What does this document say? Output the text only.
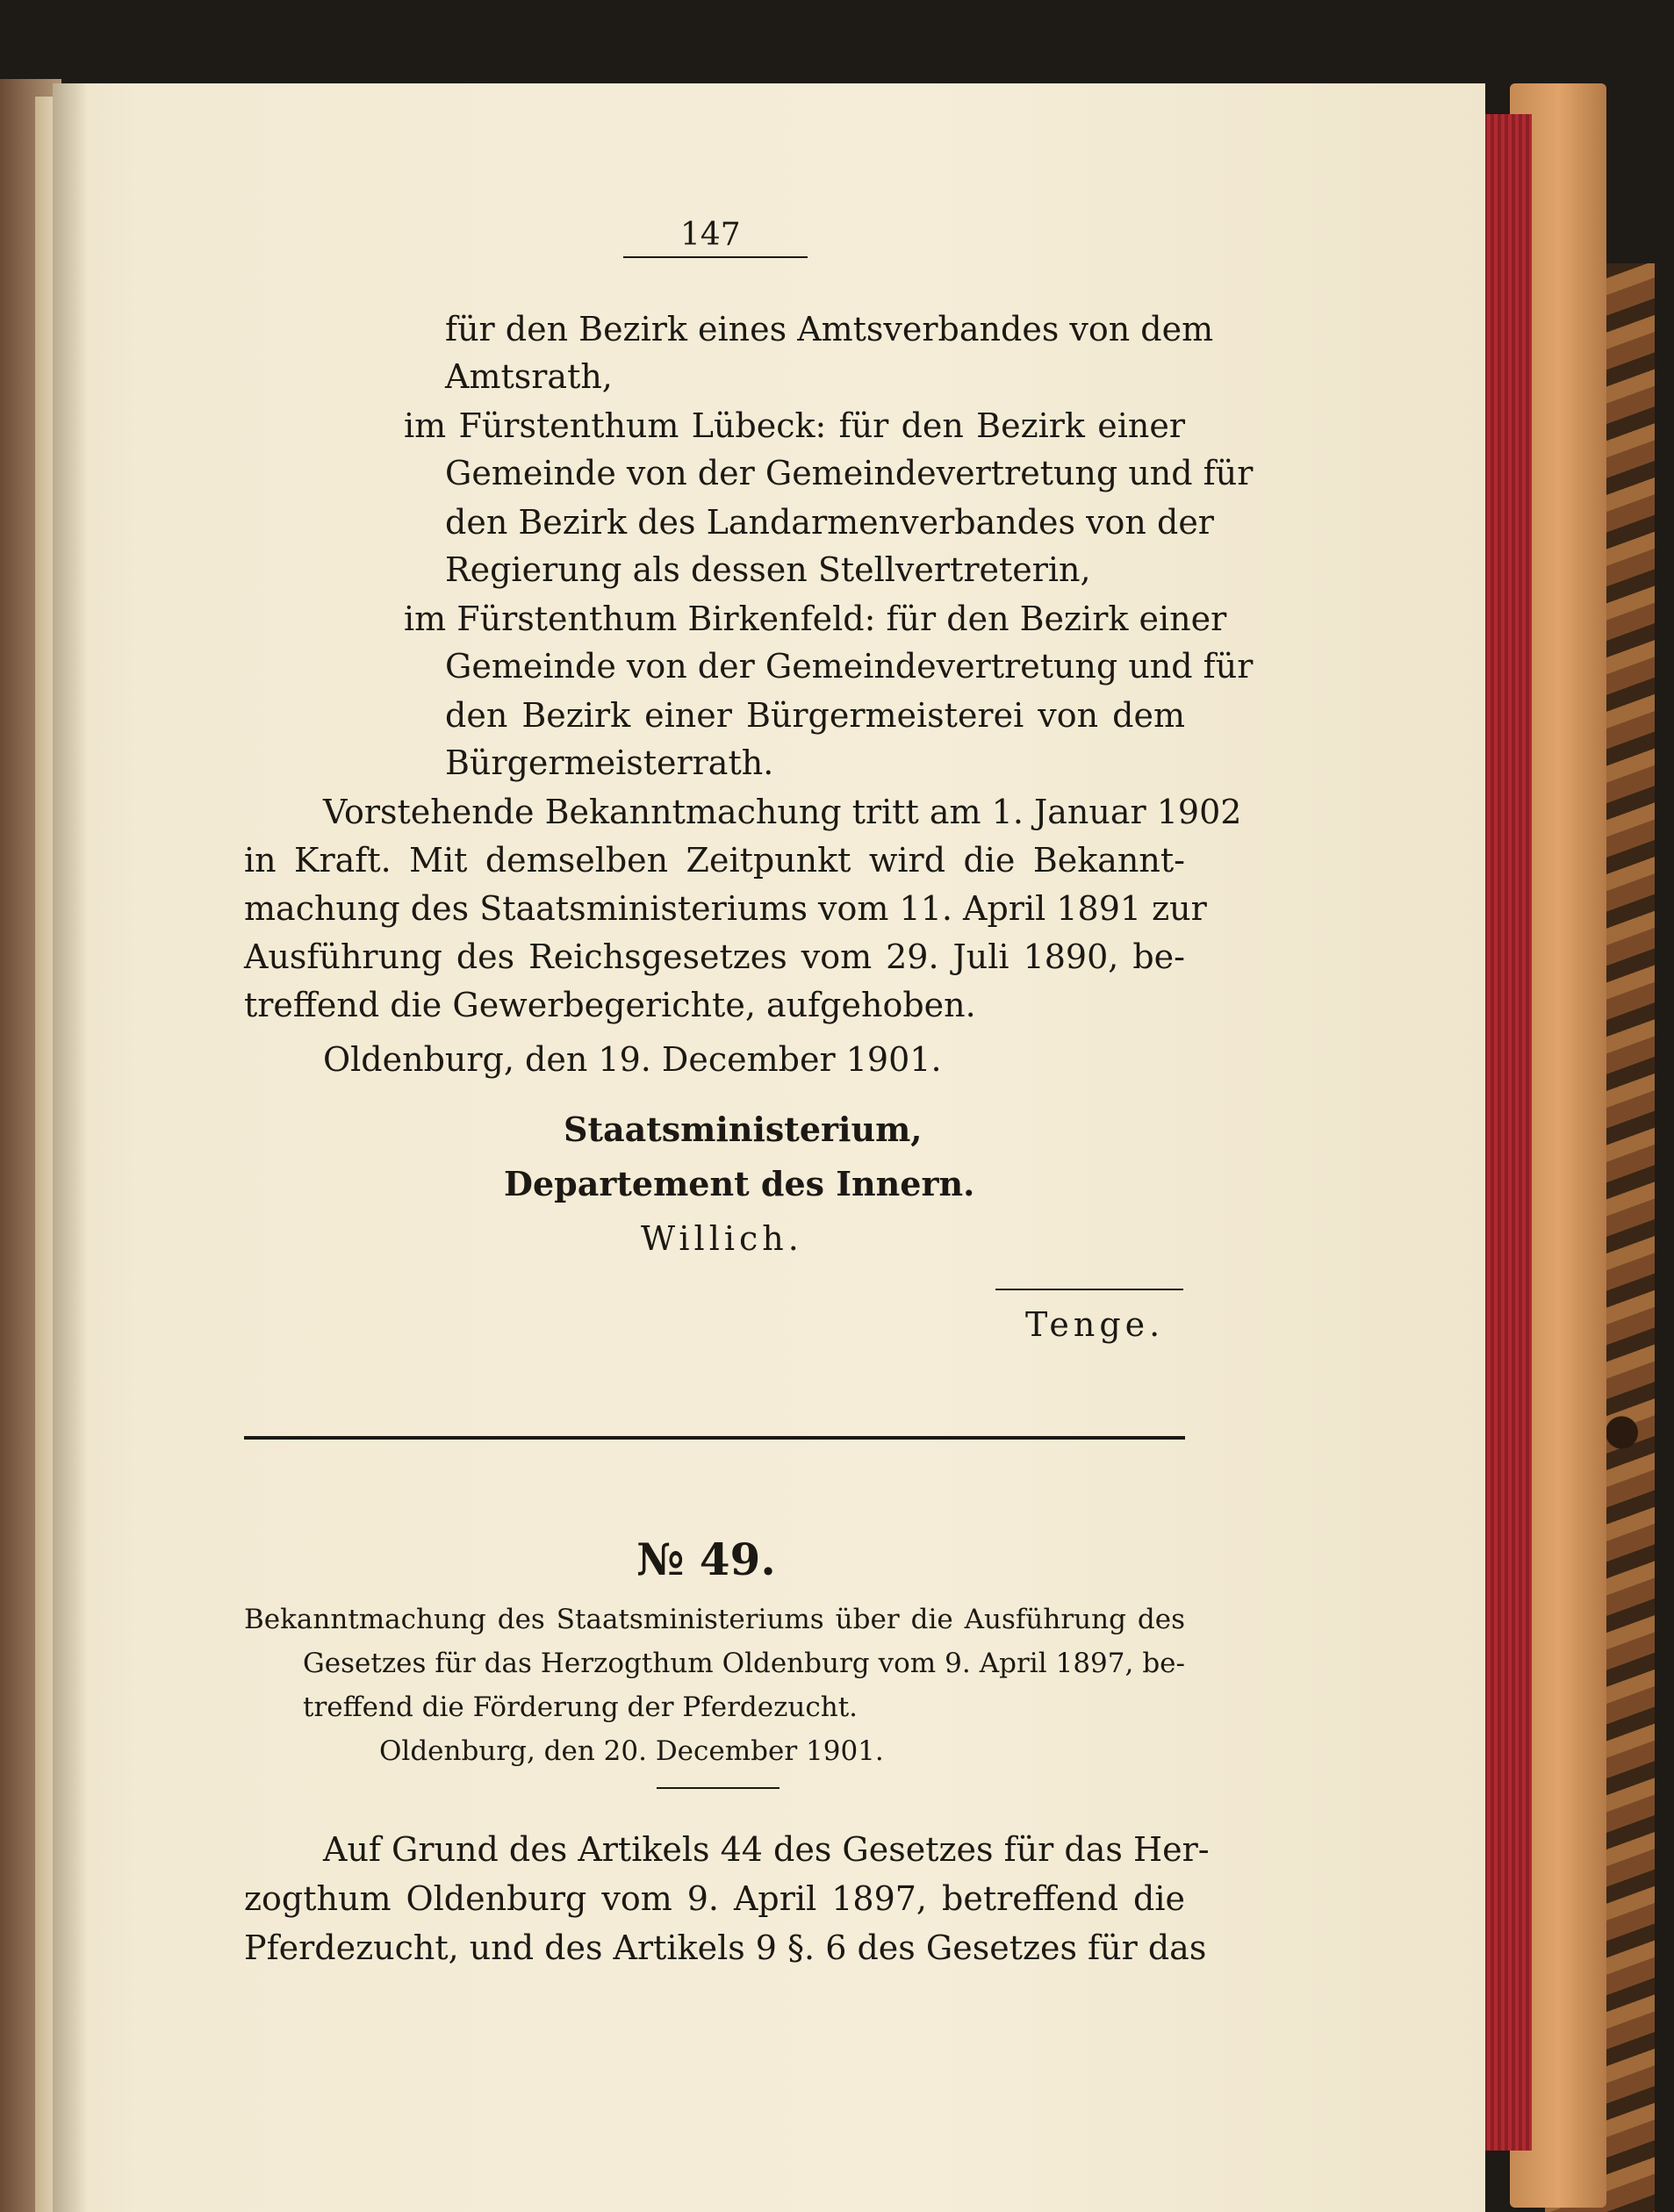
147
für den Bezirk eines Amtsverbandes von dem
Amtsrath,
im Fürstenthum Lübeck: für den Bezirk einer
Gemeinde von der Gemeindevertretung und für
den Bezirk des Landarmenverbandes von der
Regierung als dessen Stellvertreterin,
im Fürstenthum Birkenfeld: für den Bezirk einer
Gemeinde von der Gemeindevertretung und für
den Bezirk einer Bürgermeisterei von dem
Bürgermeisterrath.
Vorstehende Bekanntmachung tritt am 1. Januar 1902
in Kraft. Mit demselben Zeitpunkt wird die Bekannt-
machung des Staatsministeriums vom 11. April 1891 zur
Ausführung des Reichsgesetzes vom 29. Juli 1890, be-
treffend die Gewerbegerichte, aufgehoben.
Oldenburg, den 19. December 1901.
Staatsministerium,
Departement des Innern.
Willich.
Tenge.
№ 49.
Bekanntmachung des Staatsministeriums über die Ausführung des
Gesetzes für das Herzogthum Oldenburg vom 9. April 1897, be-
treffend die Förderung der Pferdezucht.
Oldenburg, den 20. December 1901.
Auf Grund des Artikels 44 des Gesetzes für das Her-
zogthum Oldenburg vom 9. April 1897, betreffend die
Pferdezucht, und des Artikels 9 §. 6 des Gesetzes für das
